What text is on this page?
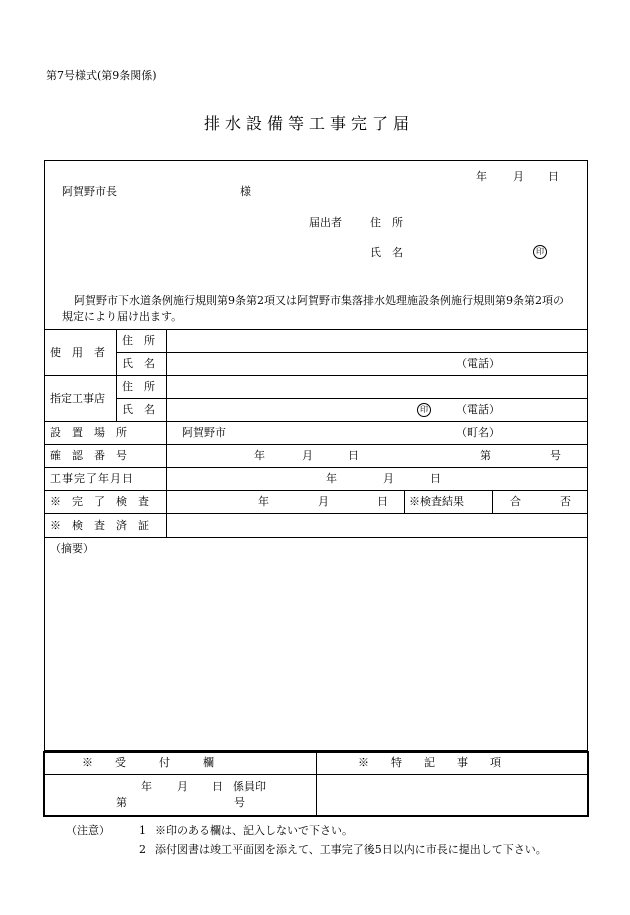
第7号様式(第9条関係)
排水設備等工事完了届
年 月 日
阿賀野市長	様
届出者	住　所
氏　名	印
阿賀野市下水道条例施行規則第9条第2項又は阿賀野市集落排水処理施設条例施行規則第9条第2項の規定により届け出ます。
使　用　者
住　所
氏　名	（電話）
指定工事店
住　所
氏　名	印	（電話）
設　置　場　所	阿賀野市	（町名）
確　認　番　号	年	月	日	第	号
工事完了年月日	年	月	日
※　完　了　検　査	年	月	日 ※検査結果	合	否
※　検　査　済　証
（摘要）
※　　受　　　付　　　欄	※　　特　　記　　事　　項
年 月 日 係員印
第	号
（注意）	1 ※印のある欄は、記入しないで下さい。
2 添付図書は竣工平面図を添えて、工事完了後5日以内に市長に提出して下さい。
